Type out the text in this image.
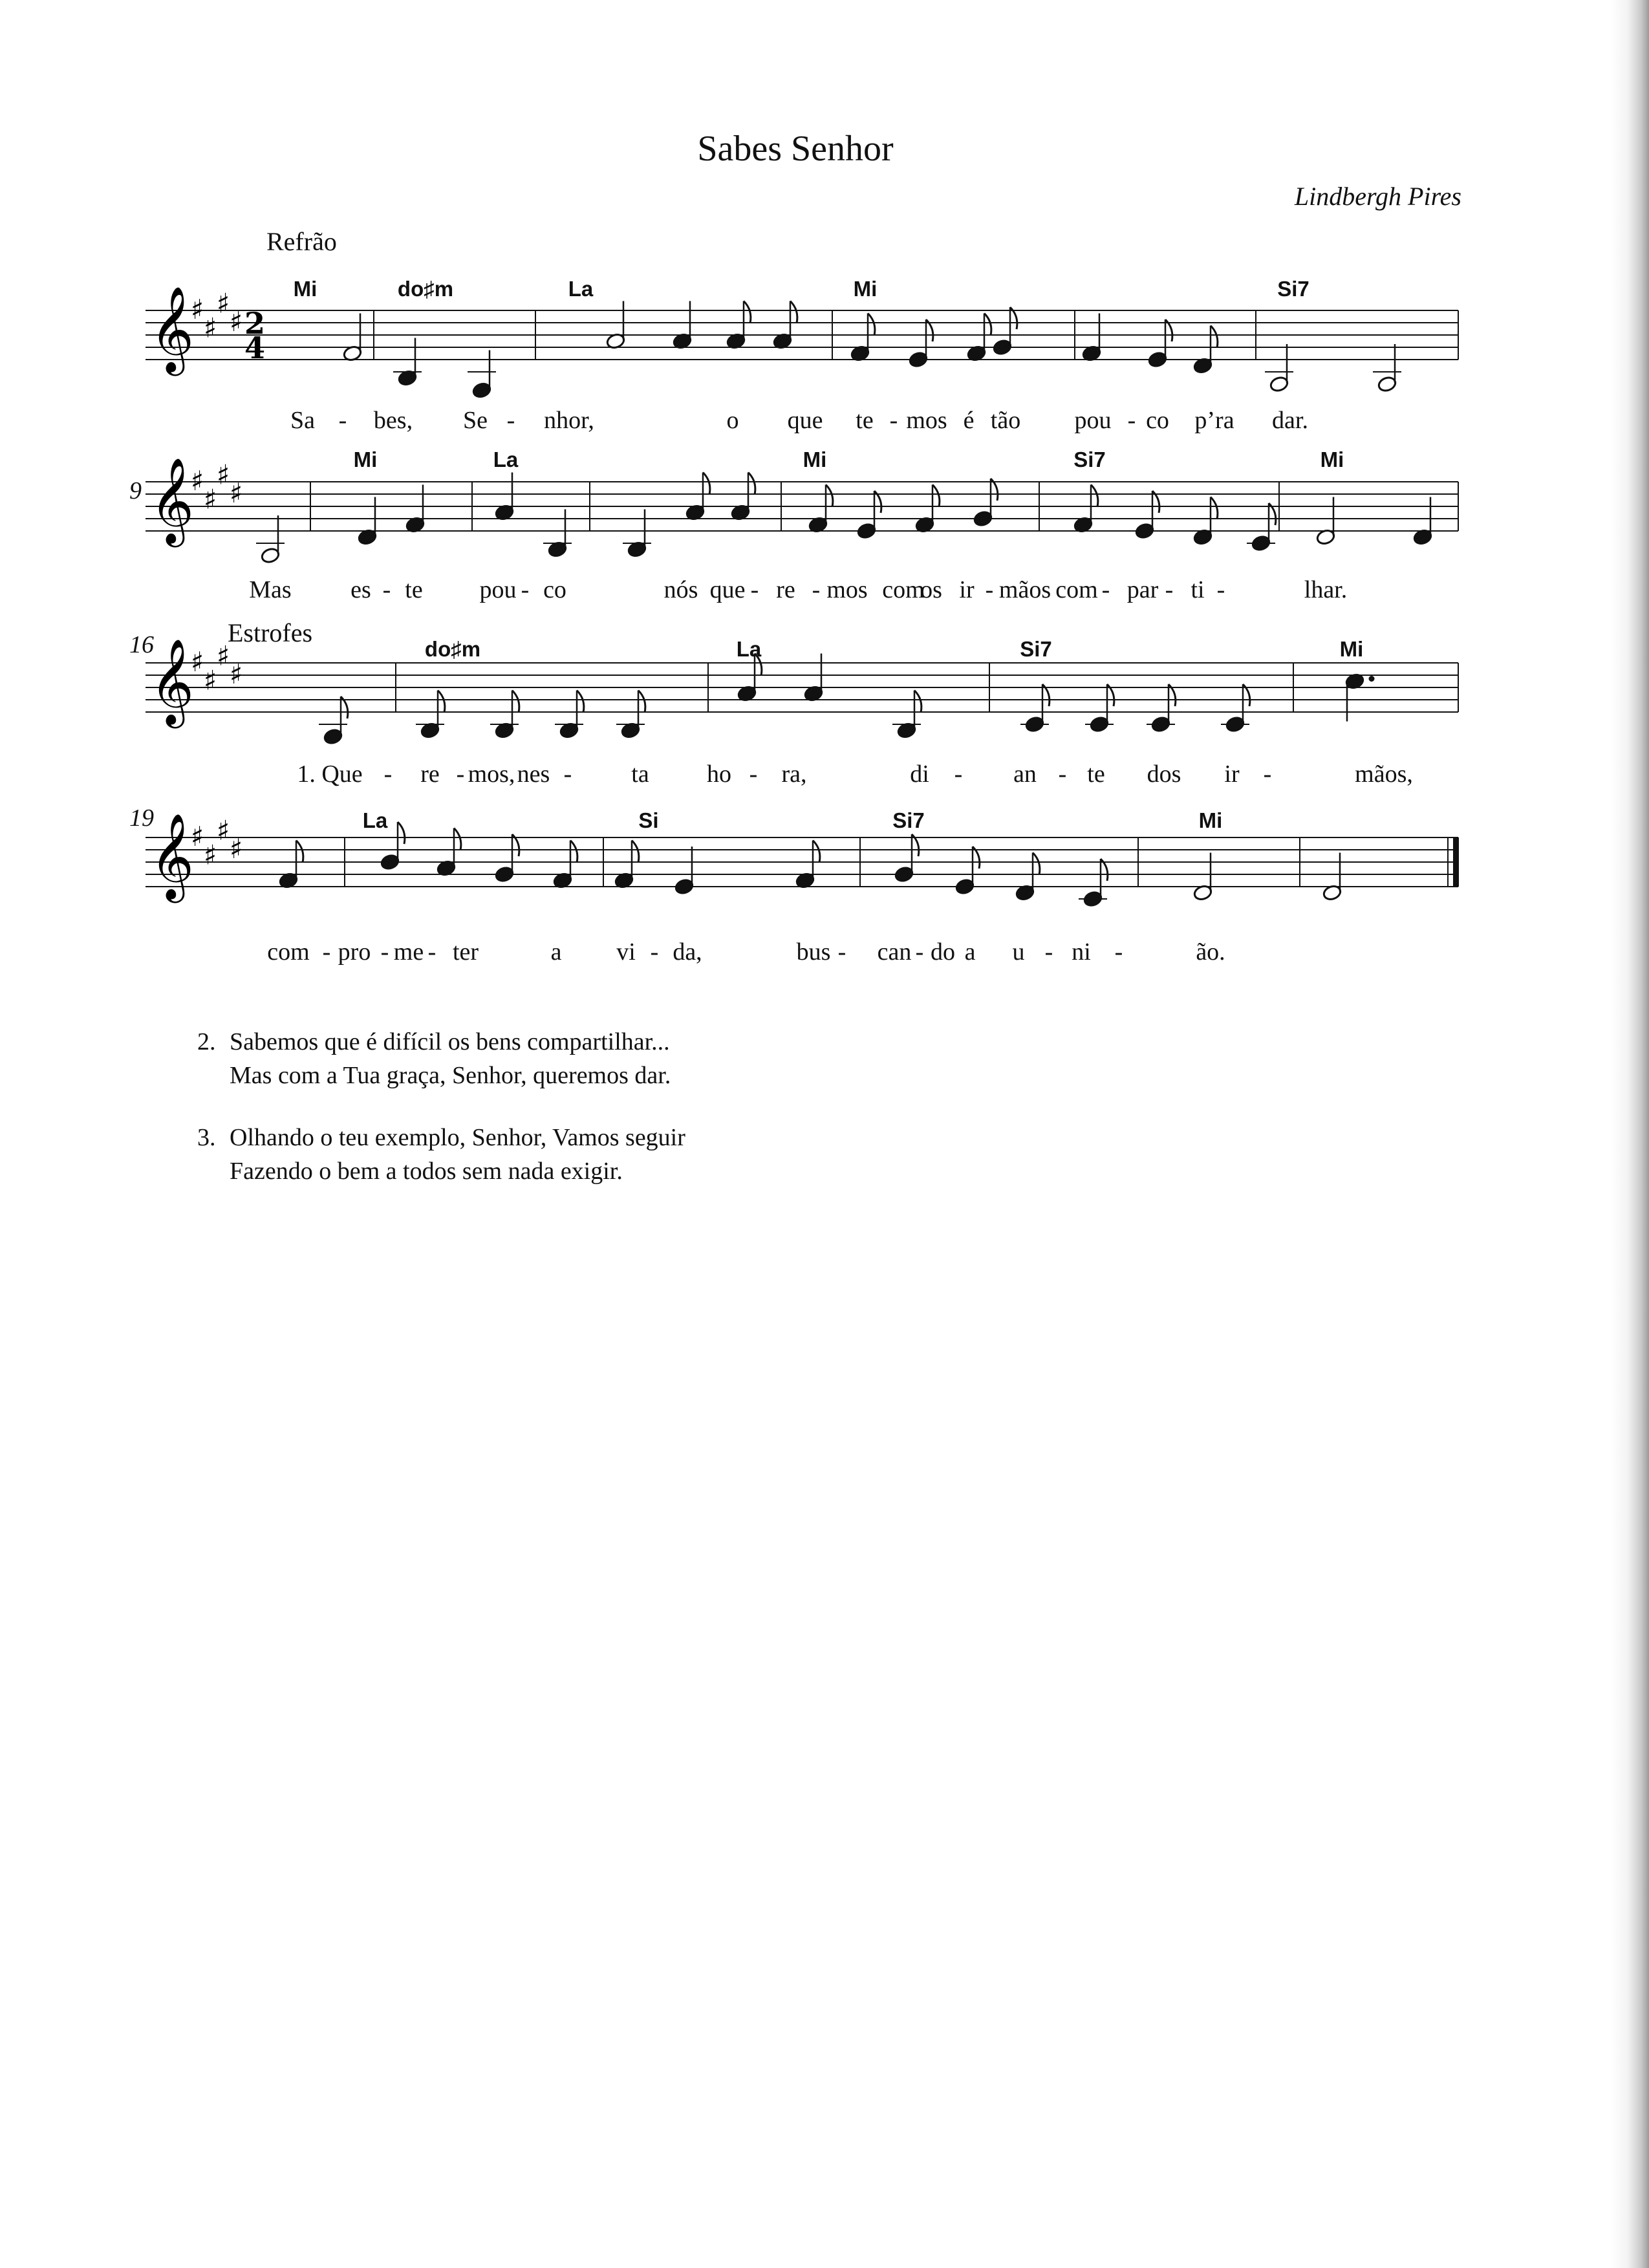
Sabes Senhor
Lindbergh Pires
Refrão
Estrofes
9
16
19
𝄞
♯
♯
♯
♯ 2
4
Mi	do♯m	La	Mi	Si7
Sa - bes, Se - nhor,	o que te - mos é tão pou - co p’ra dar.
𝄞
♯
♯
♯
♯
Mi	La	Mi	Si7	Mi
Mas es - te pou - co	nós que - re - mos com
os ir - mãos com - par - ti -	lhar.
𝄞
♯
♯
♯
♯
do♯m	La	Si7	Mi
1. Que - re - mos, nes - ta ho - ra,	di - an - te dos ir -	mãos,
𝄞
♯
♯
♯
♯
La	Si	Si7	Mi
com - pro - me - ter	a vi - da,	bus - can - do a u - ni -	ão.
2. Sabemos que é difícil os bens compartilhar...
Mas com a Tua graça, Senhor, queremos dar.
3. Olhando o teu exemplo, Senhor, Vamos seguir
Fazendo o bem a todos sem nada exigir.
